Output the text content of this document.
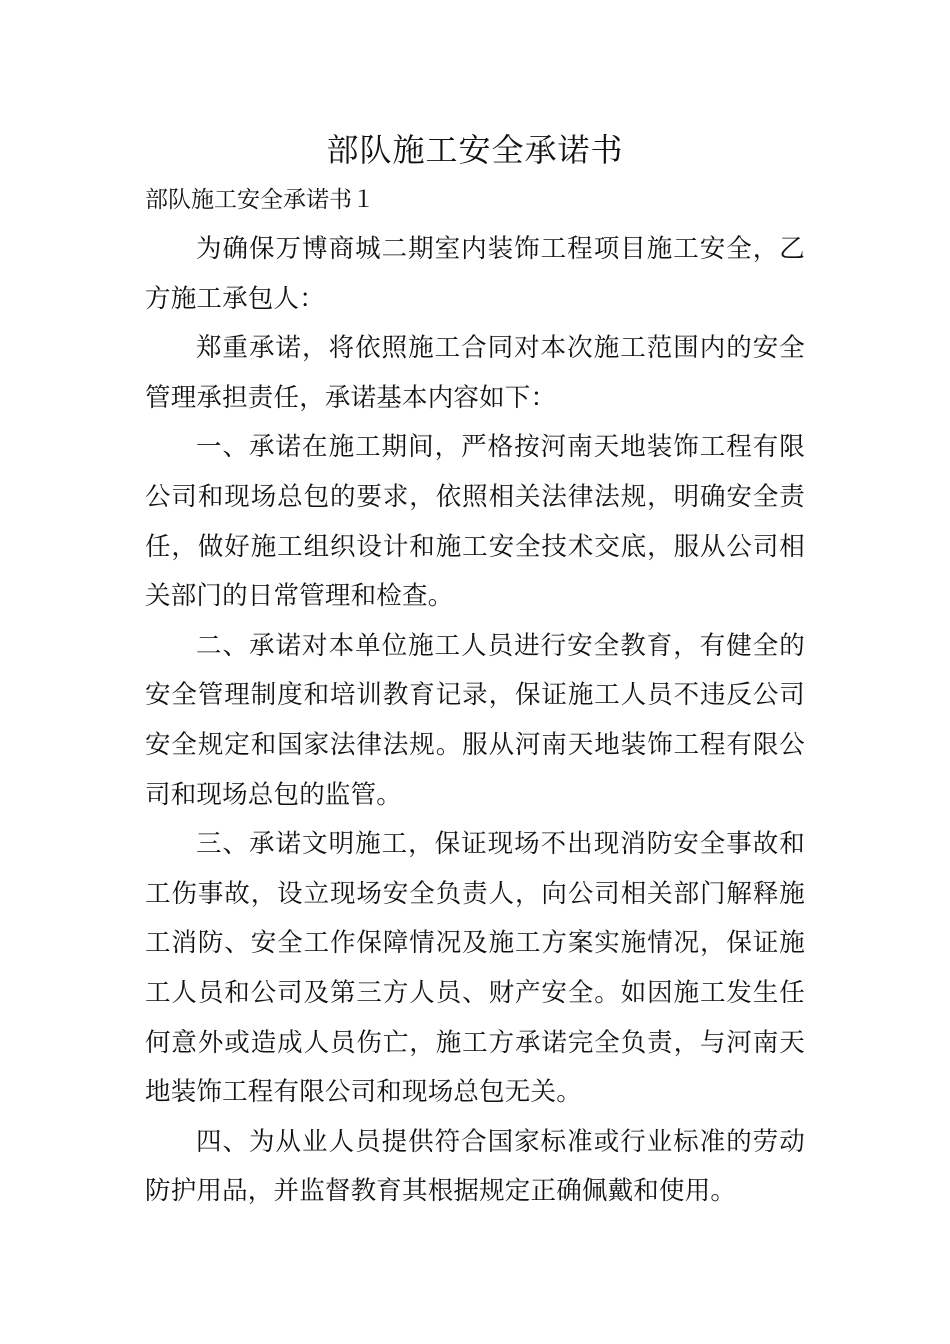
部队施工安全承诺书
部队施工安全承诺书１

为确保万博商城二期室内装饰工程项目施工安全，乙方施工承包人：

郑重承诺，将依照施工合同对本次施工范围内的安全管理承担责任，承诺基本内容如下：

一、承诺在施工期间，严格按河南天地装饰工程有限公司和现场总包的要求，依照相关法律法规，明确安全责任，做好施工组织设计和施工安全技术交底，服从公司相关部门的日常管理和检查。

二、承诺对本单位施工人员进行安全教育，有健全的安全管理制度和培训教育记录，保证施工人员不违反公司安全规定和国家法律法规。服从河南天地装饰工程有限公司和现场总包的监管。

三、承诺文明施工，保证现场不出现消防安全事故和工伤事故，设立现场安全负责人，向公司相关部门解释施工消防、安全工作保障情况及施工方案实施情况，保证施工人员和公司及第三方人员、财产安全。如因施工发生任何意外或造成人员伤亡，施工方承诺完全负责，与河南天地装饰工程有限公司和现场总包无关。

四、为从业人员提供符合国家标准或行业标准的劳动防护用品，并监督教育其根据规定正确佩戴和使用。
